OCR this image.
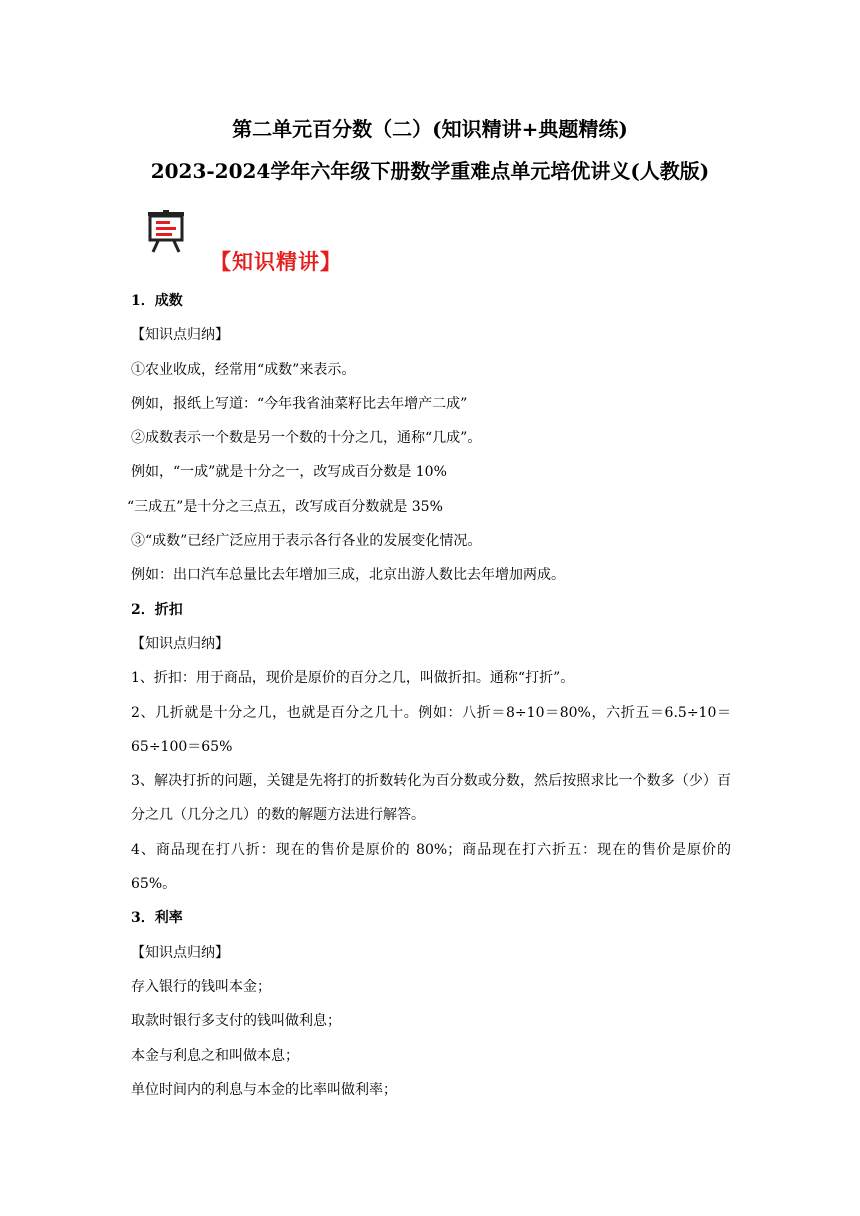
第二单元百分数（二）(知识精讲+典题精练)
2023-2024学年六年级下册数学重难点单元培优讲义(人教版)
【知识精讲】

1．成数

【知识点归纳】

①农业收成，经常用“成数”来表示。

例如，报纸上写道：“今年我省油菜籽比去年增产二成”

②成数表示一个数是另一个数的十分之几，通称“几成”。

例如，“一成”就是十分之一，改写成百分数是 10%

“三成五”是十分之三点五，改写成百分数就是 35%

③“成数”已经广泛应用于表示各行各业的发展变化情况。

例如：出口汽车总量比去年增加三成，北京出游人数比去年增加两成。

2．折扣

【知识点归纳】

1、折扣：用于商品，现价是原价的百分之几，叫做折扣。通称“打折”。

2、几折就是十分之几，也就是百分之几十。例如：八折＝8÷10＝80%，六折五＝6.5÷10＝65÷100＝65%

3、解决打折的问题，关键是先将打的折数转化为百分数或分数，然后按照求比一个数多（少）百分之几（几分之几）的数的解题方法进行解答。

4、商品现在打八折：现在的售价是原价的 80%；商品现在打六折五：现在的售价是原价的 65%。

3．利率

【知识点归纳】

存入银行的钱叫本金；

取款时银行多支付的钱叫做利息；

本金与利息之和叫做本息；

单位时间内的利息与本金的比率叫做利率；
